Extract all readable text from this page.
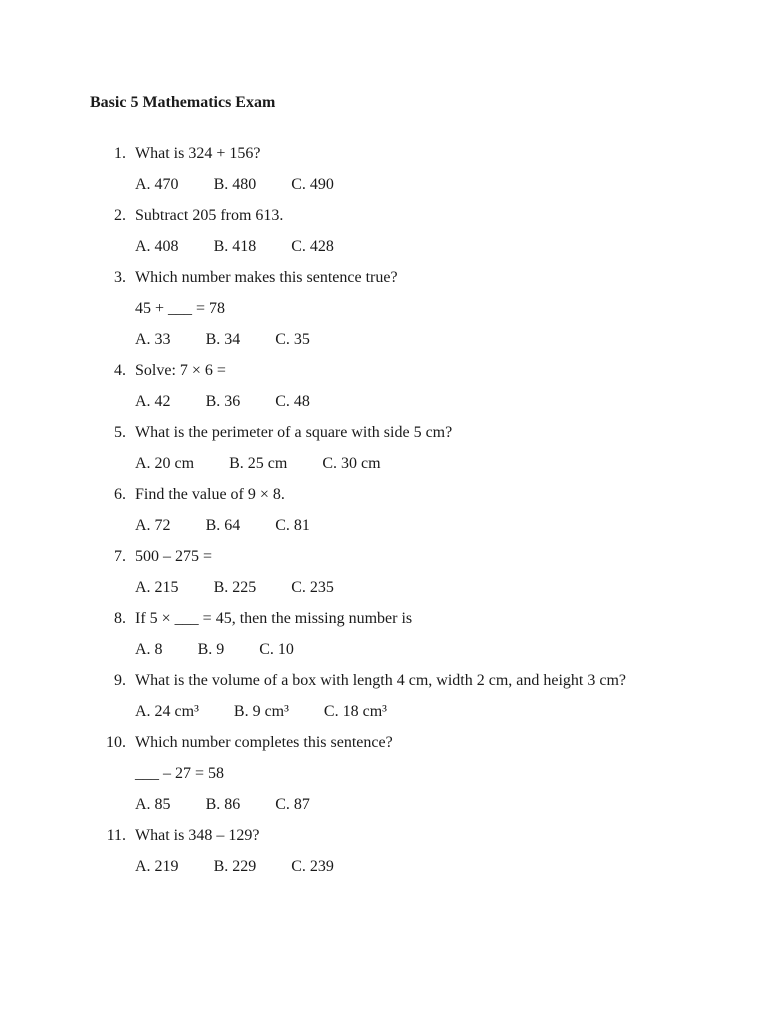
Basic 5 Mathematics Exam
1. What is 324 + 156?
A. 470 B. 480 C. 490
2. Subtract 205 from 613.
A. 408 B. 418 C. 428
3. Which number makes this sentence true?
45 + ___ = 78
A. 33 B. 34 C. 35
4. Solve: 7 × 6 =
A. 42 B. 36 C. 48
5. What is the perimeter of a square with side 5 cm?
A. 20 cm B. 25 cm C. 30 cm
6. Find the value of 9 × 8.
A. 72 B. 64 C. 81
7. 500 – 275 =
A. 215 B. 225 C. 235
8. If 5 × ___ = 45, then the missing number is
A. 8 B. 9 C. 10
9. What is the volume of a box with length 4 cm, width 2 cm, and height 3 cm?
A. 24 cm³ B. 9 cm³ C. 18 cm³
10. Which number completes this sentence?
___ – 27 = 58
A. 85 B. 86 C. 87
11. What is 348 – 129?
A. 219 B. 229 C. 239
